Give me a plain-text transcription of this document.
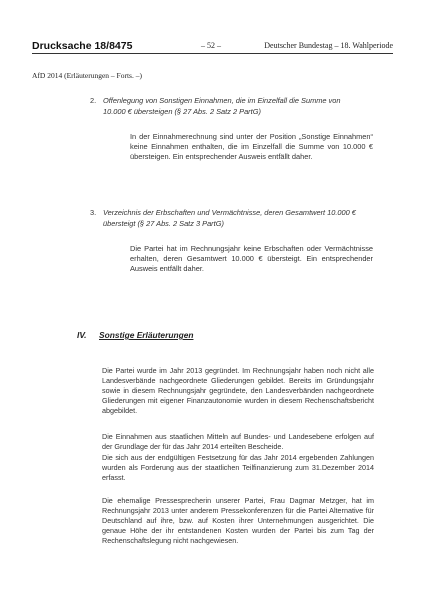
Drucksache 18/8475	– 52 –	Deutscher Bundestag – 18. Wahlperiode
AfD 2014 (Erläuterungen – Forts. –)
2. Offenlegung von Sonstigen Einnahmen, die im Einzelfall die Summe von 10.000 € übersteigen (§ 27 Abs. 2 Satz 2 PartG)
In der Einnahmerechnung sind unter der Position „Sonstige Einnahmen“ keine Einnahmen enthalten, die im Einzelfall die Summe von 10.000 € übersteigen. Ein entsprechender Ausweis entfällt daher.
3. Verzeichnis der Erbschaften und Vermächtnisse, deren Gesamtwert 10.000 € übersteigt (§ 27 Abs. 2 Satz 3 PartG)
Die Partei hat im Rechnungsjahr keine Erbschaften oder Vermächtnisse erhalten, deren Gesamtwert 10.000 € übersteigt. Ein entsprechender Ausweis entfällt daher.
IV. Sonstige Erläuterungen
Die Partei wurde im Jahr 2013 gegründet. Im Rechnungsjahr haben noch nicht alle Landesverbände nachgeordnete Gliederungen gebildet. Bereits im Gründungsjahr sowie in diesem Rechnungsjahr gegründete, den Landesverbänden nachgeordnete Gliederungen mit eigener Finanzautonomie wurden in diesem Rechenschaftsbericht abgebildet.
Die Einnahmen aus staatlichen Mitteln auf Bundes- und Landesebene erfolgen auf der Grundlage der für das Jahr 2014 erteilten Bescheide.
Die sich aus der endgültigen Festsetzung für das Jahr 2014 ergebenden Zahlungen wurden als Forderung aus der staatlichen Teilfinanzierung zum 31.Dezember 2014 erfasst.
Die ehemalige Pressesprecherin unserer Partei, Frau Dagmar Metzger, hat im Rechnungsjahr 2013 unter anderem Pressekonferenzen für die Partei Alternative für Deutschland auf ihre, bzw. auf Kosten ihrer Unternehmungen ausgerichtet. Die genaue Höhe der ihr entstandenen Kosten wurden der Partei bis zum Tag der Rechenschaftslegung nicht nachgewiesen.
